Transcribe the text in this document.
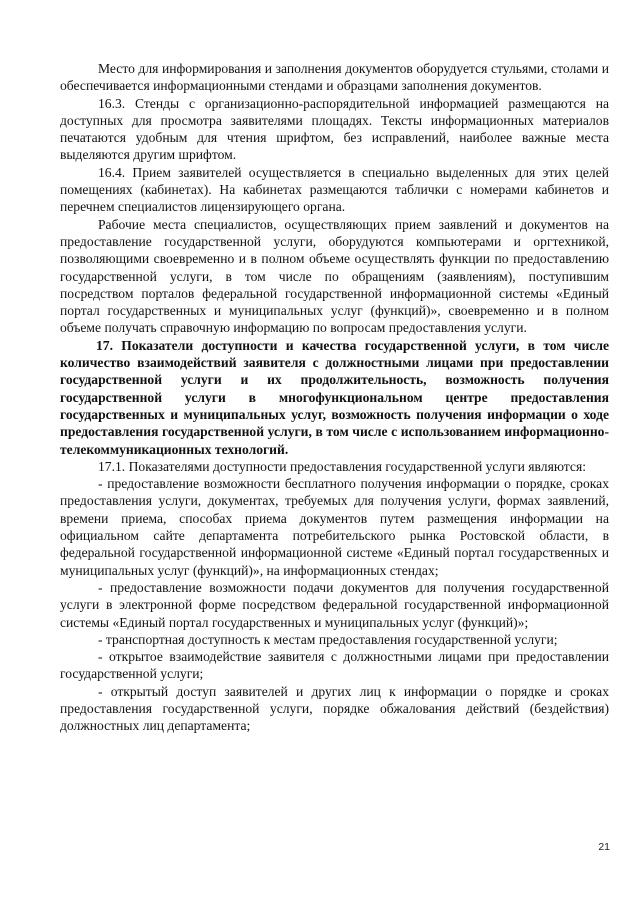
Место для информирования и заполнения документов оборудуется стульями, столами и обеспечивается информационными стендами и образцами заполнения документов.

16.3. Стенды с организационно-распорядительной информацией размещаются на доступных для просмотра заявителями площадях. Тексты информационных материалов печатаются удобным для чтения шрифтом, без исправлений, наиболее важные места выделяются другим шрифтом.

16.4. Прием заявителей осуществляется в специально выделенных для этих целей помещениях (кабинетах). На кабинетах размещаются таблички с номерами кабинетов и перечнем специалистов лицензирующего органа.

Рабочие места специалистов, осуществляющих прием заявлений и документов на предоставление государственной услуги, оборудуются компьютерами и оргтехникой, позволяющими своевременно и в полном объеме осуществлять функции по предоставлению государственной услуги, в том числе по обращениям (заявлениям), поступившим посредством порталов федеральной государственной информационной системы «Единый портал государственных и муниципальных услуг (функций)», своевременно и в полном объеме получать справочную информацию по вопросам предоставления услуги.

17. Показатели доступности и качества государственной услуги, в том числе количество взаимодействий заявителя с должностными лицами при предоставлении государственной услуги и их продолжительность, возможность получения государственной услуги в многофункциональном центре предоставления государственных и муниципальных услуг, возможность получения информации о ходе предоставления государственной услуги, в том числе с использованием информационно-телекоммуникационных технологий.

17.1. Показателями доступности предоставления государственной услуги являются:

- предоставление возможности бесплатного получения информации о порядке, сроках предоставления услуги, документах, требуемых для получения услуги, формах заявлений, времени приема, способах приема документов путем размещения информации на официальном сайте департамента потребительского рынка Ростовской области, в федеральной государственной информационной системе «Единый портал государственных и муниципальных услуг (функций)», на информационных стендах;

- предоставление возможности подачи документов для получения государственной услуги в электронной форме посредством федеральной государственной информационной системы «Единый портал государственных и муниципальных услуг (функций)»;

- транспортная доступность к местам предоставления государственной услуги;

- открытое взаимодействие заявителя с должностными лицами при предоставлении государственной услуги;

- открытый доступ заявителей и других лиц к информации о порядке и сроках предоставления государственной услуги, порядке обжалования действий (бездействия) должностных лиц департамента;

21
